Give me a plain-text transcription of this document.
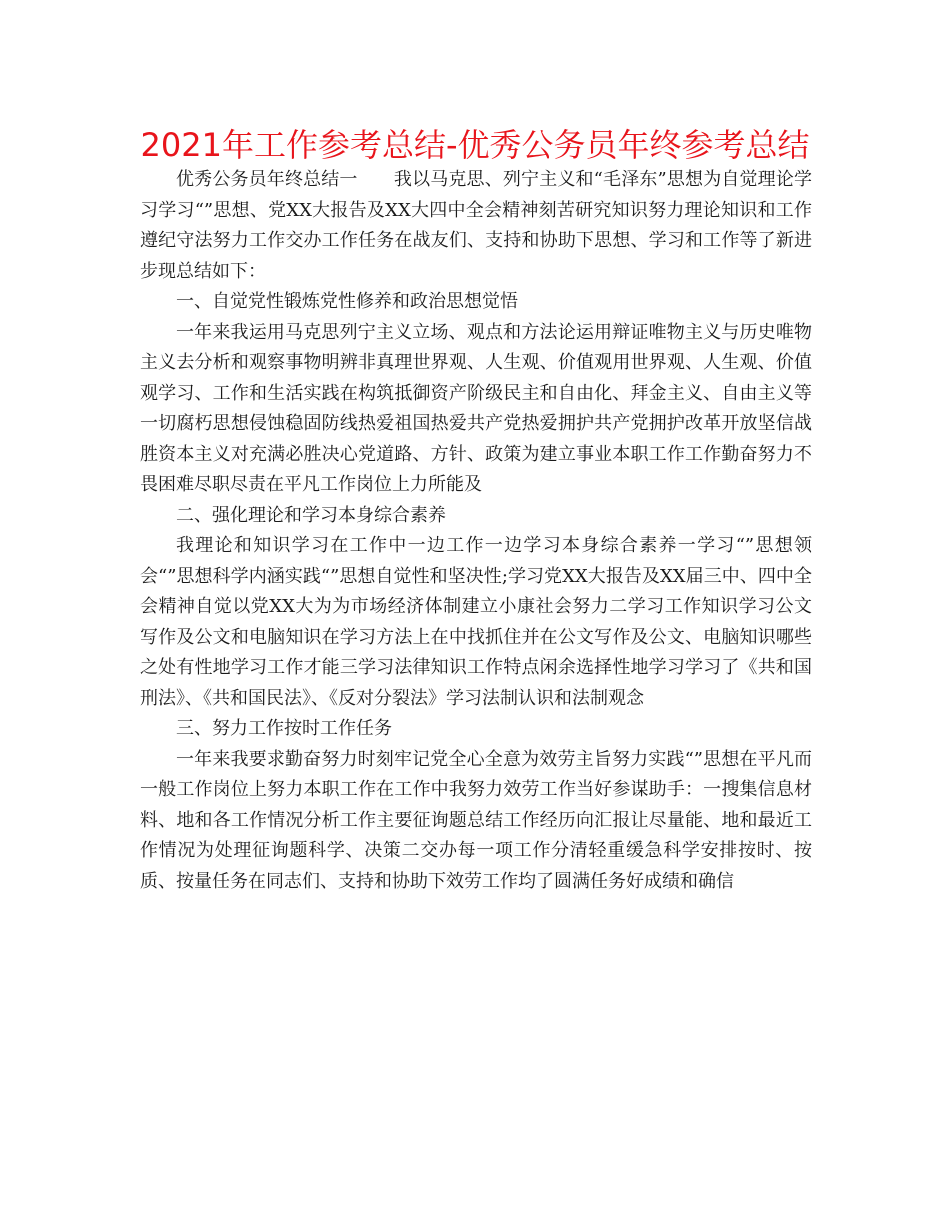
2021年工作参考总结-优秀公务员年终参考总结

优秀公务员年终总结一　　我以马克思、列宁主义和“毛泽东”思想为自觉理论学习学习“”思想、党XX大报告及XX大四中全会精神刻苦研究知识努力理论知识和工作遵纪守法努力工作交办工作任务在战友们、支持和协助下思想、学习和工作等了新进步现总结如下：

一、自觉党性锻炼党性修养和政治思想觉悟

一年来我运用马克思列宁主义立场、观点和方法论运用辩证唯物主义与历史唯物主义去分析和观察事物明辨非真理世界观、人生观、价值观用世界观、人生观、价值观学习、工作和生活实践在构筑抵御资产阶级民主和自由化、拜金主义、自由主义等一切腐朽思想侵蚀稳固防线热爱祖国热爱共产党热爱拥护共产党拥护改革开放坚信战胜资本主义对充满必胜决心党道路、方针、政策为建立事业本职工作工作勤奋努力不畏困难尽职尽责在平凡工作岗位上力所能及

二、强化理论和学习本身综合素养

我理论和知识学习在工作中一边工作一边学习本身综合素养一学习“”思想领会“”思想科学内涵实践“”思想自觉性和坚决性;学习党XX大报告及XX届三中、四中全会精神自觉以党XX大为为市场经济体制建立小康社会努力二学习工作知识学习公文写作及公文和电脑知识在学习方法上在中找抓住并在公文写作及公文、电脑知识哪些之处有性地学习工作才能三学习法律知识工作特点闲余选择性地学习学习了《共和国刑法》、《共和国民法》、《反对分裂法》学习法制认识和法制观念

三、努力工作按时工作任务

一年来我要求勤奋努力时刻牢记党全心全意为效劳主旨努力实践“”思想在平凡而一般工作岗位上努力本职工作在工作中我努力效劳工作当好参谋助手：一搜集信息材料、地和各工作情况分析工作主要征询题总结工作经历向汇报让尽量能、地和最近工作情况为处理征询题科学、决策二交办每一项工作分清轻重缓急科学安排按时、按质、按量任务在同志们、支持和协助下效劳工作均了圆满任务好成绩和确信
